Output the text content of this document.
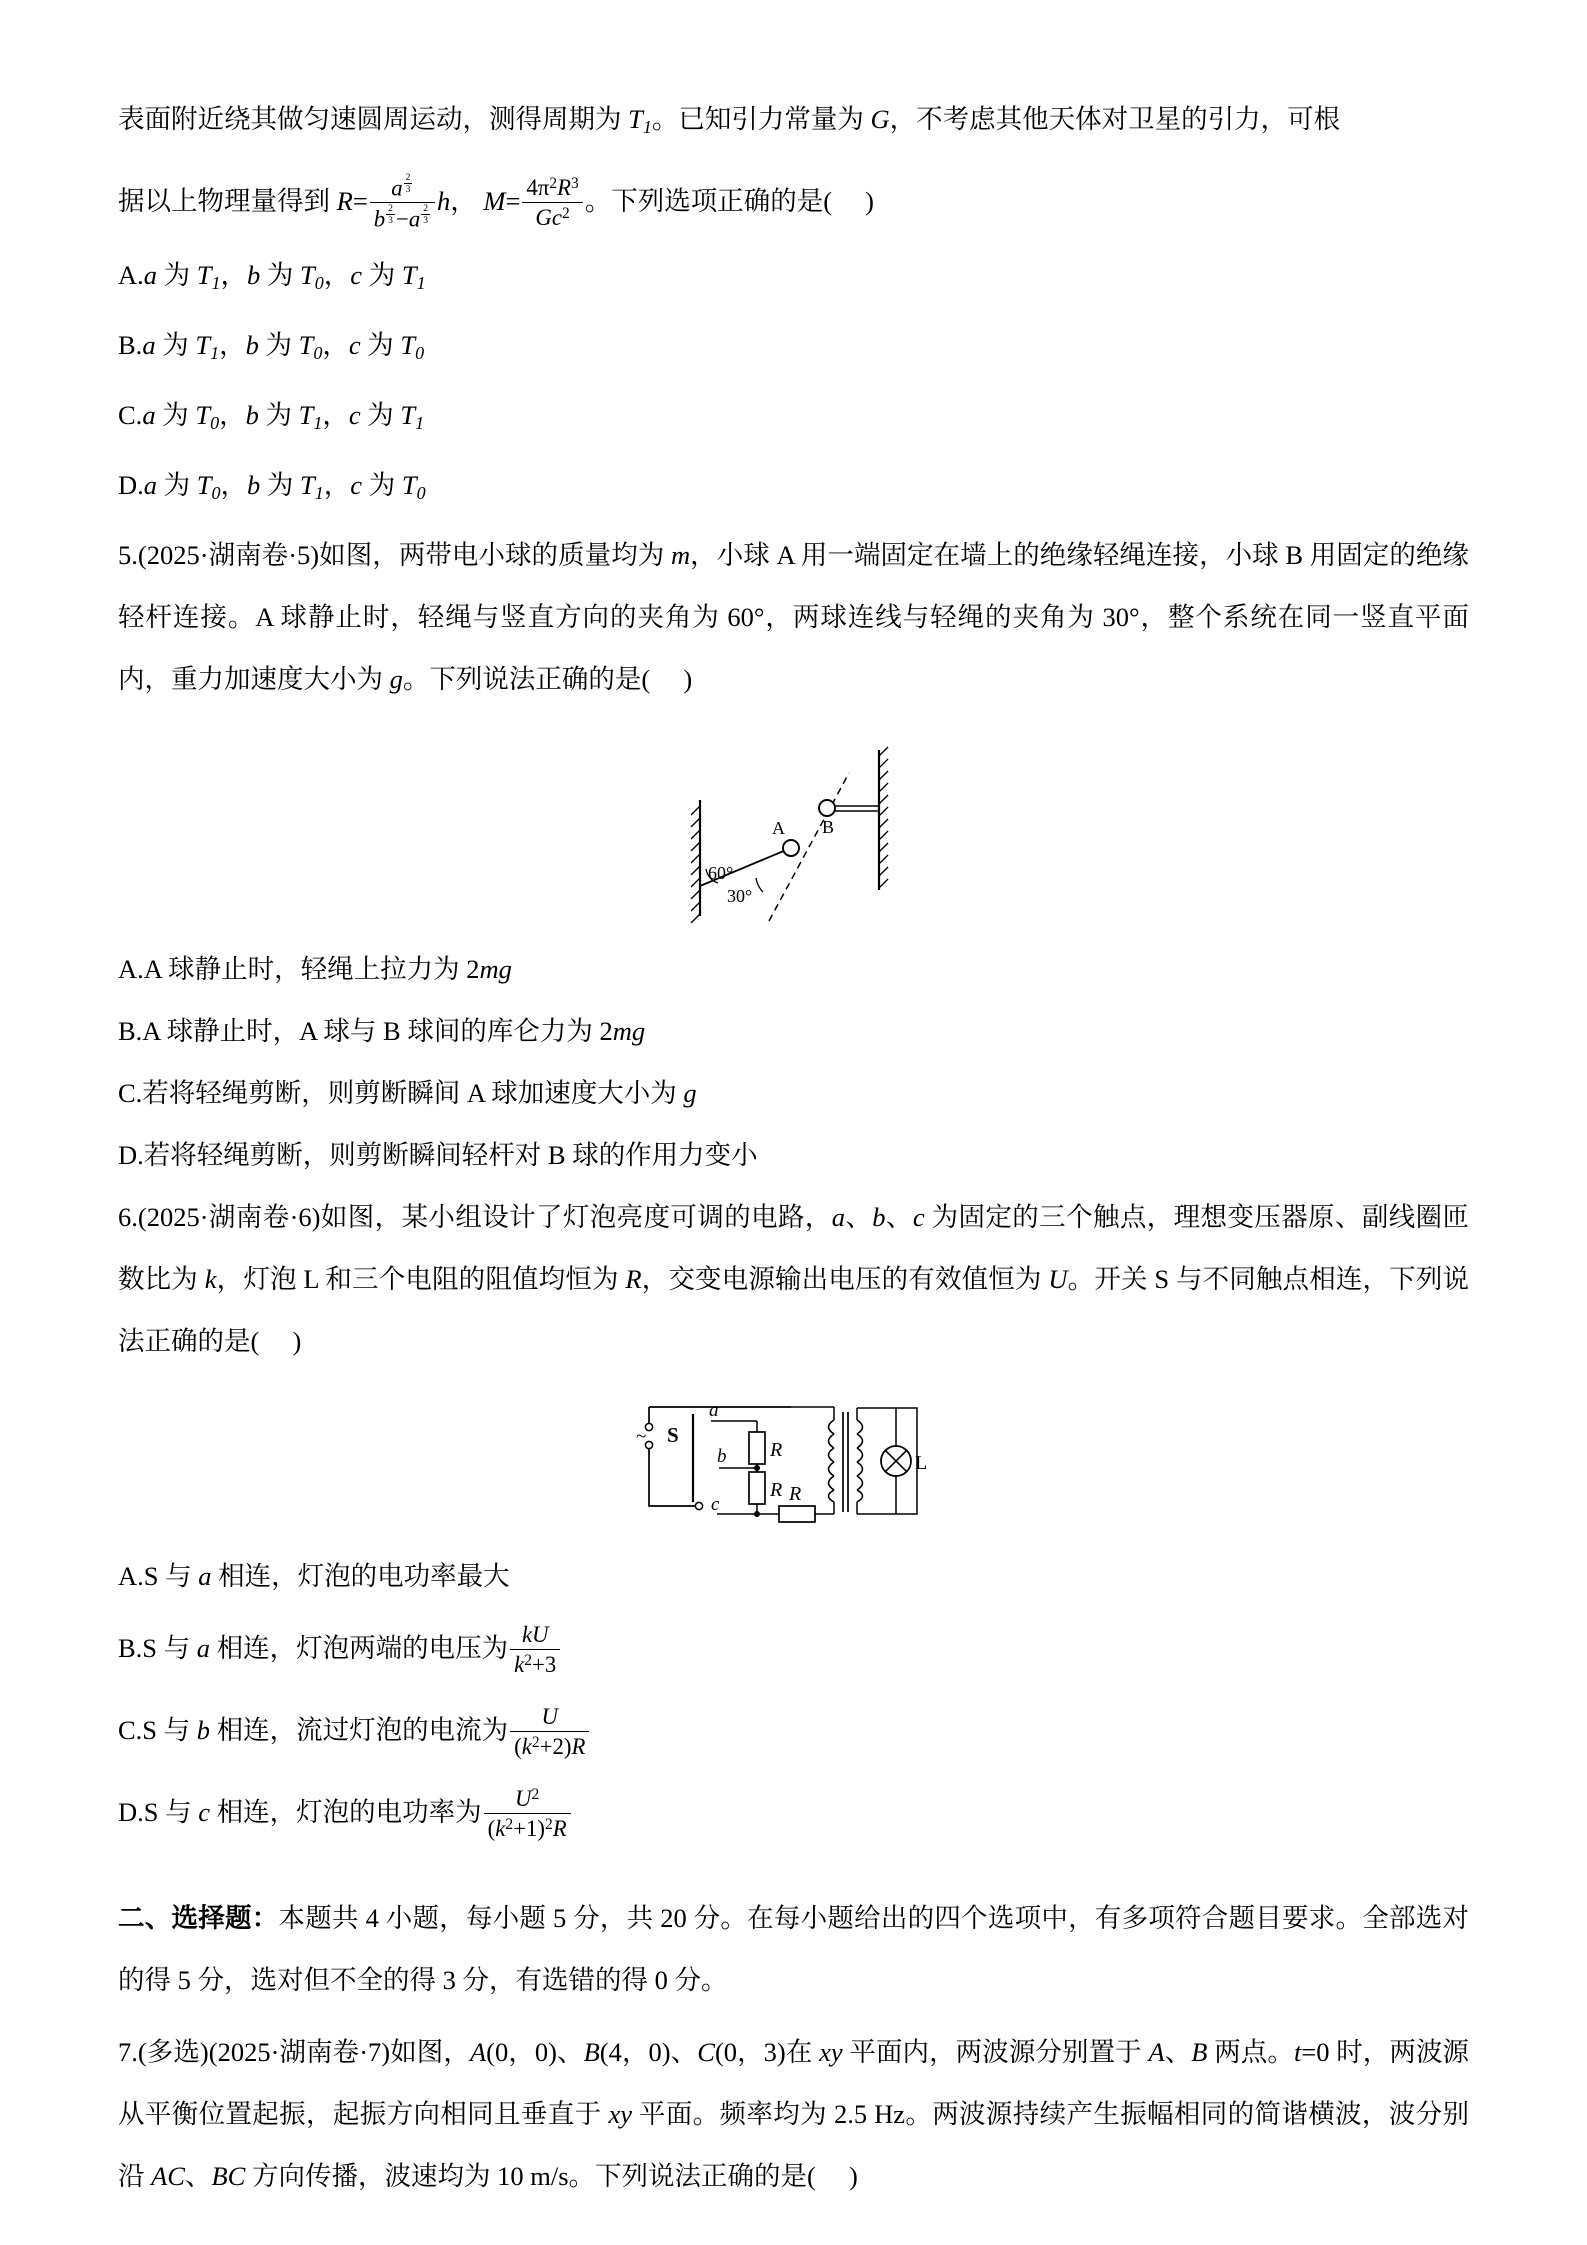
表面附近绕其做匀速圆周运动，测得周期为 $T_1$。已知引力常量为 G，不考虑其他天体对卫星的引力，可根
据以上物理量得到 R= a $^{\frac{2}{3}}$
b $^{\frac{2}{3}}$ −a $^{\frac{2}{3}}$ h， $M= \frac{4\pi^2R^3}{Gc^2}$ 。下列选项正确的是(     )
A.a 为 $T_1$，b 为 $T_0$，c 为 $T_1$
B.a 为 $T_1$，b 为 $T_0$，c 为 $T_0$
C.a 为 $T_0$，b 为 $T_1$，c 为 $T_1$
D.a 为 $T_0$，b 为 $T_1$，c 为 $T_0$
5.(2025·湖南卷·5)如图，两带电小球的质量均为 m，小球 A 用一端固定在墙上的绝缘轻绳连接，小球 B 用固定的绝缘轻杆连接。A 球静止时，轻绳与竖直方向的夹角为 60°，两球连线与轻绳的夹角为 30°，整个系统在同一竖直平面内，重力加速度大小为 g。下列说法正确的是(     )
60°
30°
A B
A.A 球静止时，轻绳上拉力为 2mg
B.A 球静止时，A 球与 B 球间的库仑力为 2mg
C.若将轻绳剪断，则剪断瞬间 A 球加速度大小为 g
D.若将轻绳剪断，则剪断瞬间轻杆对 B 球的作用力变小
6.(2025·湖南卷·6)如图，某小组设计了灯泡亮度可调的电路，a、b、c 为固定的三个触点，理想变压器原、副线圈匝数比为 k，灯泡 L 和三个电阻的阻值均恒为 R，交变电源输出电压的有效值恒为 U。开关 S 与不同触点相连，下列说法正确的是(     )
~ S
a
R
b
R
c	R
L
A.S 与 a 相连，灯泡的电功率最大
B.S 与 a 相连，灯泡两端的电压为 $\frac{kU}{k^2+3}$
C.S 与 b 相连，流过灯泡的电流为 $\frac{U}{(k^2+2)R}$
D.S 与 c 相连，灯泡的电功率为 $\frac{U^2}{(k^2+1)^2R}$
二、选择题：本题共 4 小题，每小题 5 分，共 20 分。在每小题给出的四个选项中，有多项符合题目要求。全部选对的得 5 分，选对但不全的得 3 分，有选错的得 0 分。
7.(多选)(2025·湖南卷·7)如图，A(0，0)、B(4，0)、C(0，3)在 xy 平面内，两波源分别置于 A、B 两点。t=0 时，两波源从平衡位置起振，起振方向相同且垂直于 xy 平面。频率均为 2.5 Hz。两波源持续产生振幅相同的简谐横波，波分别沿 AC、BC 方向传播，波速均为 10 m/s。下列说法正确的是(     )
